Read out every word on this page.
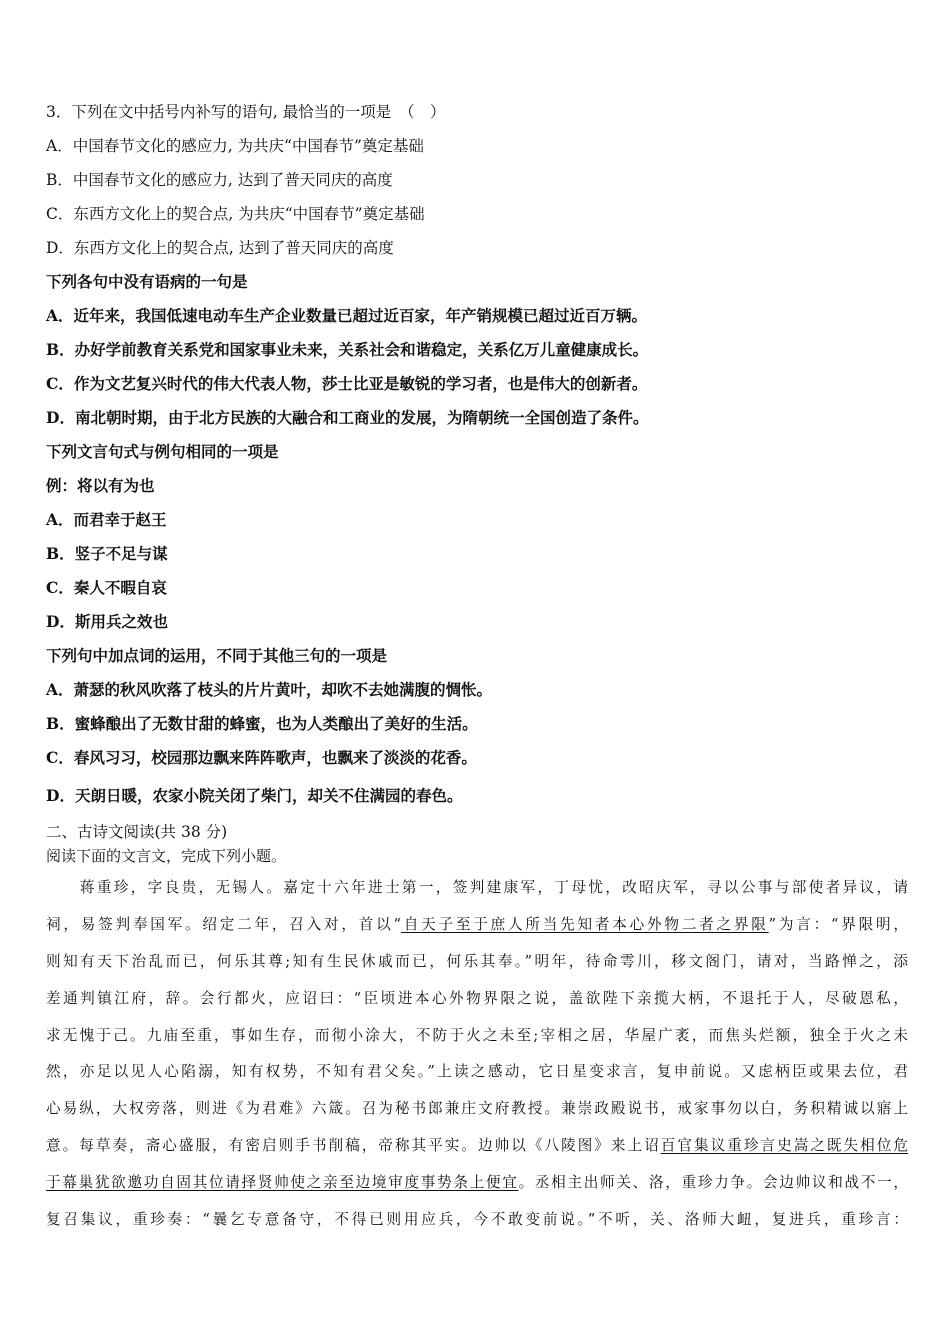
3．下列在文中括号内补写的语句, 最恰当的一项是　（　）
A．中国春节文化的感应力, 为共庆“中国春节”奠定基础
B．中国春节文化的感应力, 达到了普天同庆的高度
C．东西方文化上的契合点, 为共庆“中国春节”奠定基础
D．东西方文化上的契合点, 达到了普天同庆的高度
下列各句中没有语病的一句是
A．近年来，我国低速电动车生产企业数量已超过近百家，年产销规模已超过近百万辆。
B．办好学前教育关系党和国家事业未来，关系社会和谐稳定，关系亿万儿童健康成长。
C．作为文艺复兴时代的伟大代表人物，莎士比亚是敏锐的学习者，也是伟大的创新者。
D．南北朝时期，由于北方民族的大融合和工商业的发展，为隋朝统一全国创造了条件。
下列文言句式与例句相同的一项是
例：将以有为也
A．而君幸于赵王
B．竖子不足与谋
C．秦人不暇自哀
D．斯用兵之效也
下列句中加点词的运用，不同于其他三句的一项是
A．萧瑟的秋风吹落了枝头的片片黄叶，却吹不去她满腹的惆怅。
B．蜜蜂酿出了无数甘甜的蜂蜜，也为人类酿出了美好的生活。
C．春风习习，校园那边飘来阵阵歌声，也飘来了淡淡的花香。
D．天朗日暖，农家小院关闭了柴门，却关不住满园的春色。
二、古诗文阅读(共 38 分)
阅读下面的文言文，完成下列小题。
　　蒋重珍，字良贵，无锡人。嘉定十六年进士第一，签判建康军，丁母忧，改昭庆军，寻以公事与部使者异议，请
祠，易签判奉国军。绍定二年，召入对，首以“自天子至于庶人所当先知者本心外物二者之界限”为言：“界限明，
则知有天下治乱而已，何乐其尊;知有生民休戚而已，何乐其奉。”明年，待命雩川，移文阁门，请对，当路惮之，添
差通判镇江府，辞。会行都火，应诏曰：“臣顷进本心外物界限之说，盖欲陛下亲揽大柄，不退托于人，尽破恩私，
求无愧于己。九庙至重，事如生存，而彻小涂大，不防于火之未至;宰相之居，华屋广袤，而焦头烂额，独全于火之未
然，亦足以见人心陷溺，知有权势，不知有君父矣。”上读之感动，它日星变求言，复申前说。又虑柄臣或果去位，君
心易纵，大权旁落，则进《为君难》六箴。召为秘书郎兼庄文府教授。兼崇政殿说书，戒家事勿以白，务积精诚以寤上
意。每草奏，斋心盛服，有密启则手书削稿，帝称其平实。边帅以《八陵图》来上诏百官集议重珍言史嵩之既失相位危
于幕巢犹欲邀功自固其位请择贤帅使之亲至边境审度事势条上便宜。丞相主出师关、洛，重珍力争。会边帅议和战不一，
复召集议，重珍奏：“曩乞专意备守，不得已则用应兵，今不敢变前说。”不听，关、洛师大衄，复进兵，重珍言：
